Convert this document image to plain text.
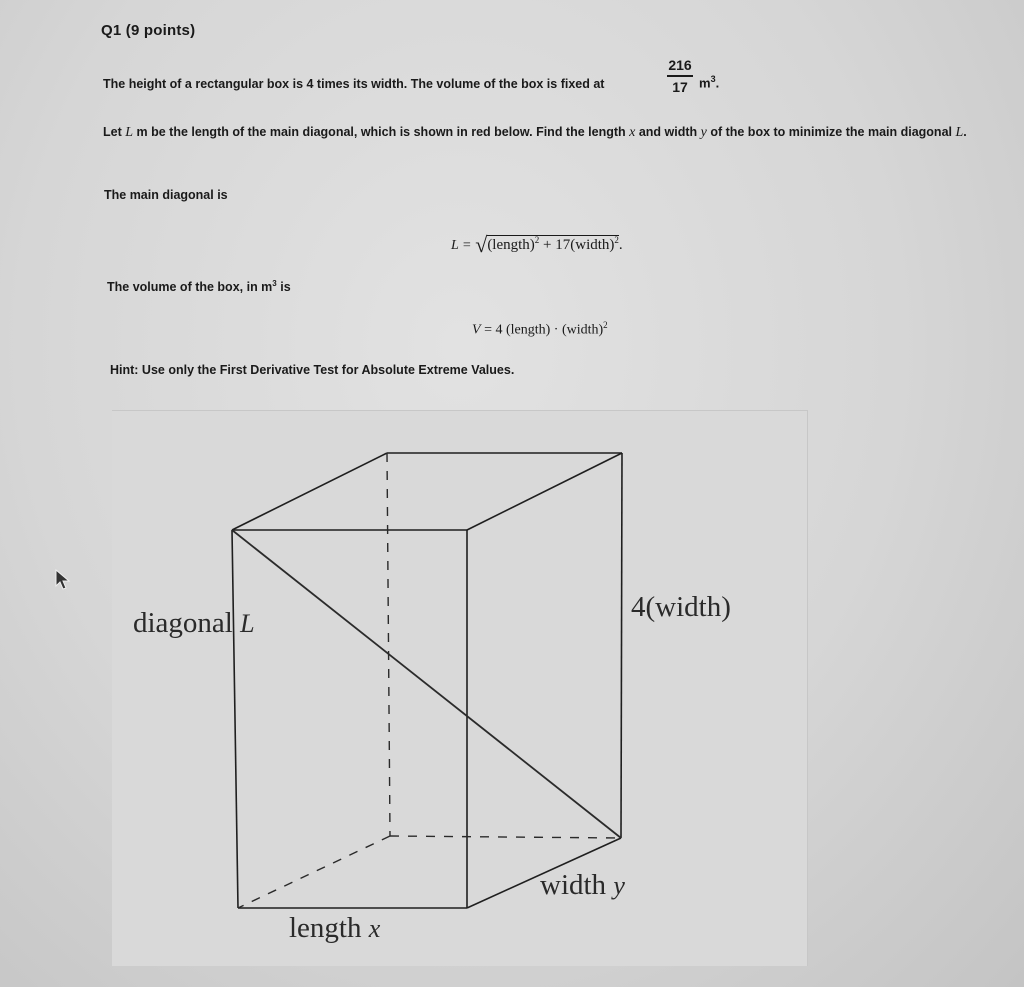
Q1 (9 points)
The height of a rectangular box is 4 times its width. The volume of the box is fixed at
216
17 $m^3$.
Let L m be the length of the main diagonal, which is shown in red below. Find the length x and width y of the box to minimize the main diagonal L.
The main diagonal is
L = √(length)$^2$ + 17(width)$^2$.
The volume of the box, in $m^3$ is
V = 4 (length) · (width)$^2$
Hint: Use only the First Derivative Test for Absolute Extreme Values.
diagonal L
4(width)
width y
length x
